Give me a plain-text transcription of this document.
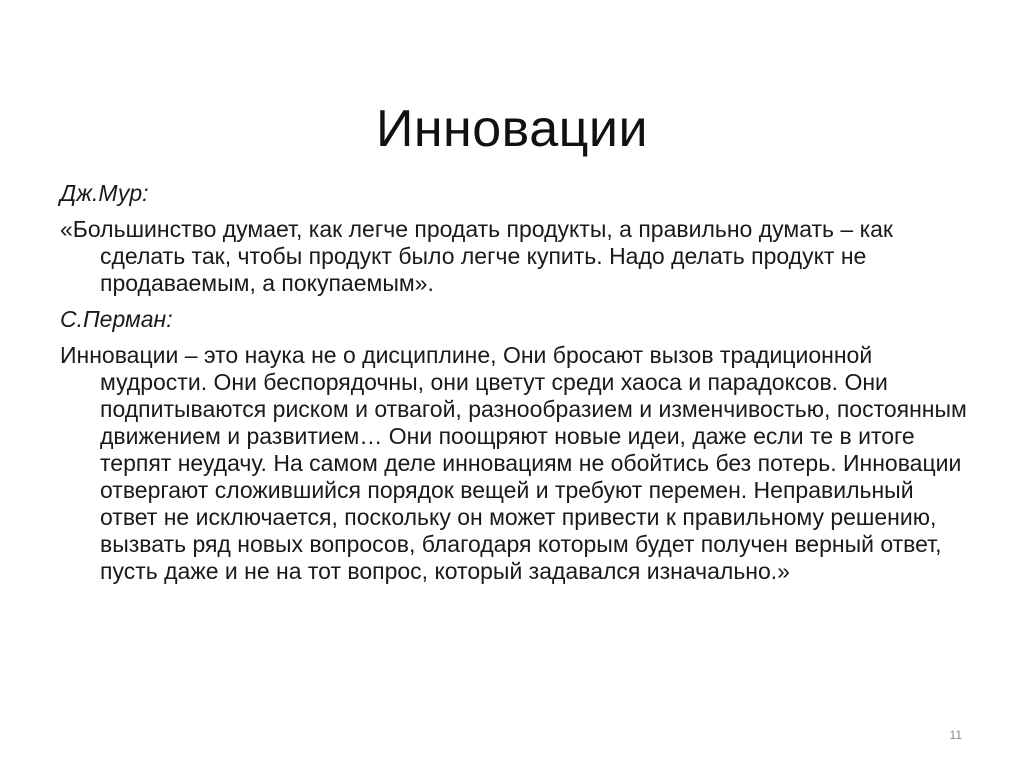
Инновации

Дж.Мур:

«Большинство думает, как легче продать продукты, а правильно думать – как сделать так, чтобы продукт было легче купить. Надо делать продукт не продаваемым, а покупаемым».

С.Перман:

Инновации – это наука не о дисциплине, Они бросают вызов традиционной мудрости. Они беспорядочны, они цветут среди хаоса и парадоксов. Они подпитываются риском и отвагой, разнообразием и изменчивостью, постоянным движением и развитием… Они поощряют новые идеи, даже если те в итоге терпят неудачу. На самом деле инновациям не обойтись без потерь. Инновации отвергают сложившийся порядок вещей и требуют перемен. Неправильный ответ не исключается, поскольку он может привести к правильному решению, вызвать ряд новых вопросов, благодаря которым будет получен верный ответ, пусть даже и не на тот вопрос, который задавался изначально.»

11
